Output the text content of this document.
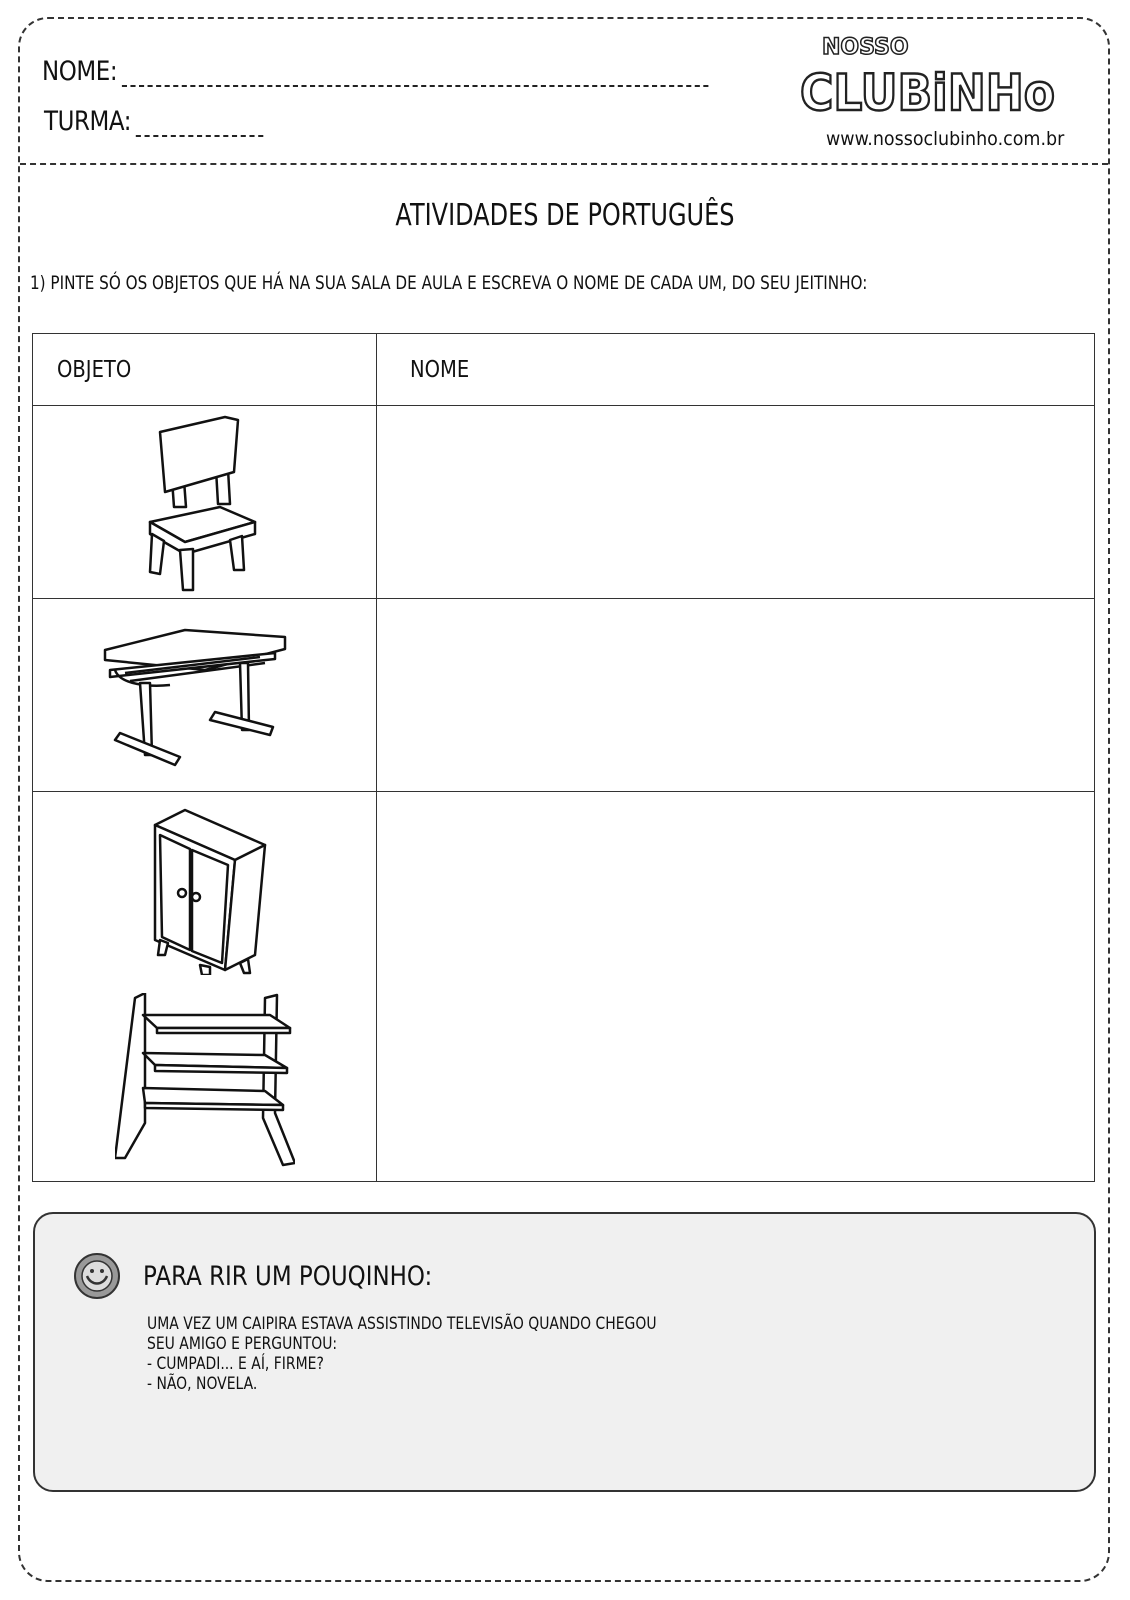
NOME:
TURMA:
NOSSO
CLUBiNHo
www.nossoclubinho.com.br
ATIVIDADES DE PORTUGUÊS
1) PINTE SÓ OS OBJETOS QUE HÁ NA SUA SALA DE AULA E ESCREVA O NOME DE CADA UM, DO SEU JEITINHO:
OBJETO	NOME

PARA RIR UM POUQINHO:
UMA VEZ UM CAIPIRA ESTAVA ASSISTINDO TELEVISÃO QUANDO CHEGOU
SEU AMIGO E PERGUNTOU:
- CUMPADI... E AÍ, FIRME?
- NÃO, NOVELA.
